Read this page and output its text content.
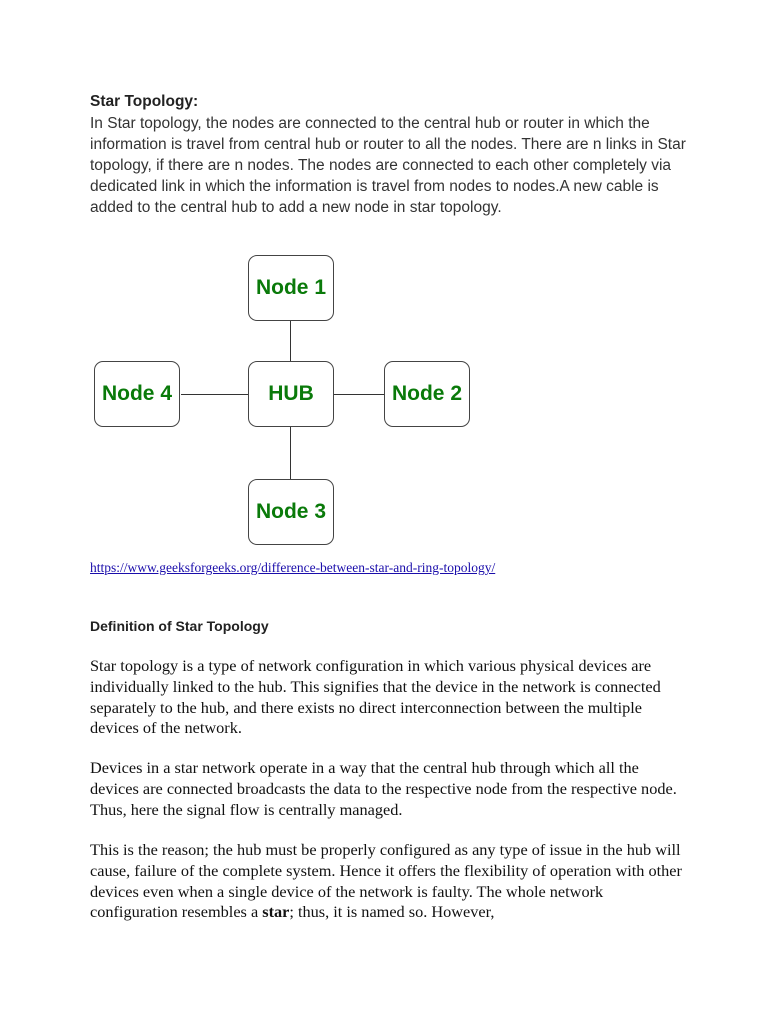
Star Topology:
In Star topology, the nodes are connected to the central hub or router in which the information is travel from central hub or router to all the nodes. There are n links in Star topology, if there are n nodes. The nodes are connected to each other completely via dedicated link in which the information is travel from nodes to nodes.A new cable is added to the central hub to add a new node in star topology.
Node 1
HUB
Node 4	Node 2
Node 3
https://www.geeksforgeeks.org/difference-between-star-and-ring-topology/
Definition of Star Topology
Star topology is a type of network configuration in which various physical devices are individually linked to the hub. This signifies that the device in the network is connected separately to the hub, and there exists no direct interconnection between the multiple devices of the network.
Devices in a star network operate in a way that the central hub through which all the devices are connected broadcasts the data to the respective node from the respective node. Thus, here the signal flow is centrally managed.
This is the reason; the hub must be properly configured as any type of issue in the hub will cause, failure of the complete system. Hence it offers the flexibility of operation with other devices even when a single device of the network is faulty. The whole network configuration resembles a star; thus, it is named so. However,
